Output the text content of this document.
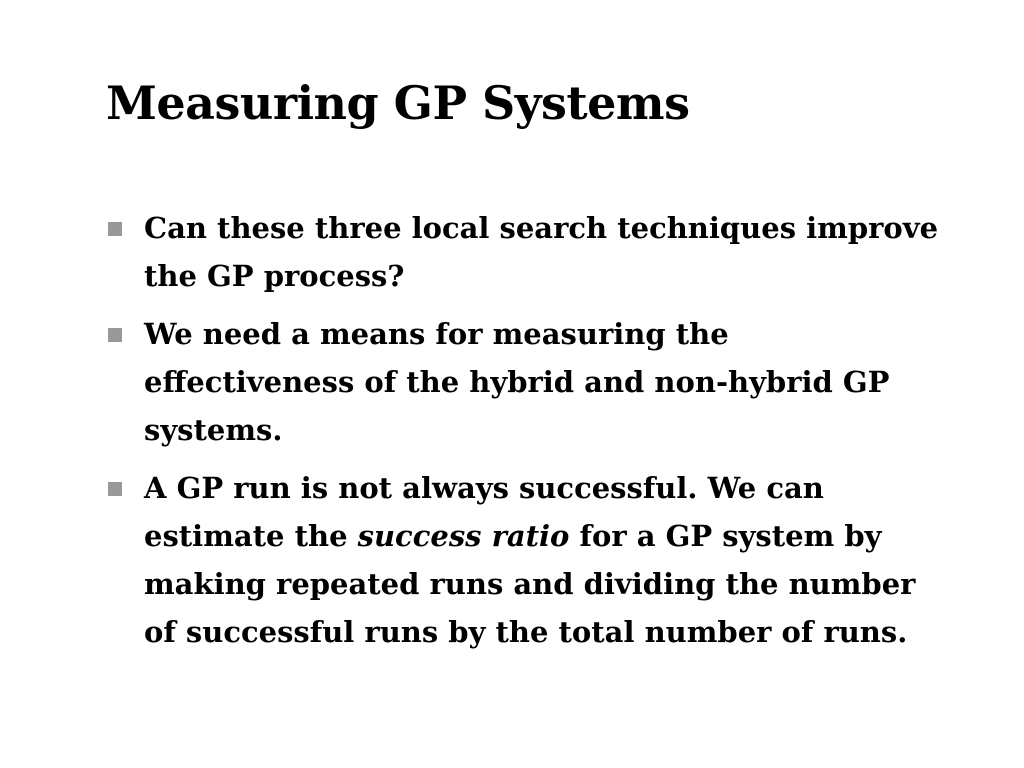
Measuring GP Systems
Can these three local search techniques improve the GP process?
We need a means for measuring the effectiveness of the hybrid and non-hybrid GP systems.
A GP run is not always successful. We can estimate the success ratio for a GP system by making repeated runs and dividing the number of successful runs by the total number of runs.
